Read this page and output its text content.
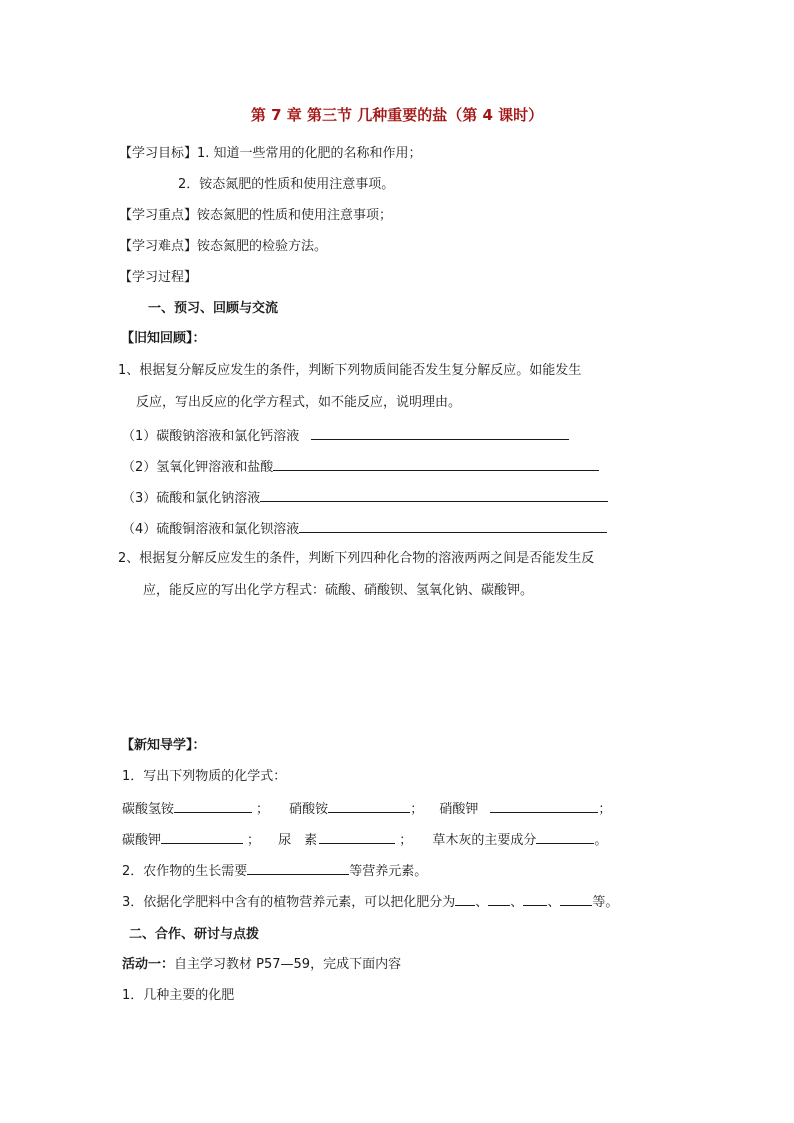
第 7 章 第三节 几种重要的盐（第 4 课时）
【学习目标】1. 知道一些常用的化肥的名称和作用；
2．铵态氮肥的性质和使用注意事项。
【学习重点】铵态氮肥的性质和使用注意事项；
【学习难点】铵态氮肥的检验方法。
【学习过程】
一、预习、回顾与交流
【旧知回顾】：
1、根据复分解反应发生的条件，判断下列物质间能否发生复分解反应。如能发生
反应，写出反应的化学方程式，如不能反应，说明理由。
（1）碳酸钠溶液和氯化钙溶液
（2）氢氧化钾溶液和盐酸
（3）硫酸和氯化钠溶液
（4）硫酸铜溶液和氯化钡溶液
2、根据复分解反应发生的条件，判断下列四种化合物的溶液两两之间是否能发生反
应，能反应的写出化学方程式：硫酸、硝酸钡、氢氧化钠、碳酸钾。
【新知导学】：
1．写出下列物质的化学式：
碳酸氢铵	； 硝酸铵	； 硝酸钾	；
碳酸钾	； 尿　素	； 草木灰的主要成分	。
2．农作物的生长需要	等营养元素。
3．依据化学肥料中含有的植物营养元素，可以把化肥分为 、 、 、 等。
二、合作、研讨与点拨
活动一：自主学习教材 P57—59，完成下面内容
1．几种主要的化肥
